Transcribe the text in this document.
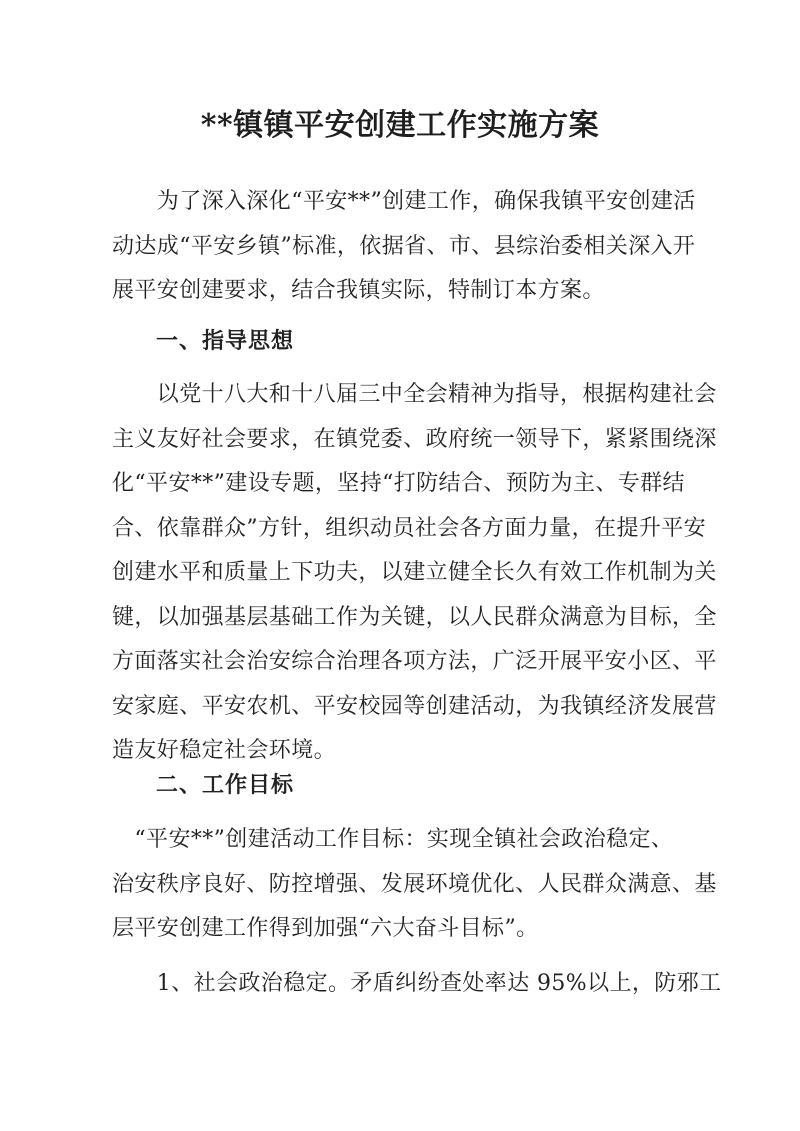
**镇镇平安创建工作实施方案
　　为了深入深化“平安**”创建工作，确保我镇平安创建活
动达成“平安乡镇”标准，依据省、市、县综治委相关深入开
展平安创建要求，结合我镇实际，特制订本方案。
一、指导思想
　　以党十八大和十八届三中全会精神为指导，根据构建社会
主义友好社会要求，在镇党委、政府统一领导下，紧紧围绕深
化“平安**”建设专题，坚持“打防结合、预防为主、专群结
合、依靠群众”方针，组织动员社会各方面力量，在提升平安
创建水平和质量上下功夫，以建立健全长久有效工作机制为关
键，以加强基层基础工作为关键，以人民群众满意为目标，全
方面落实社会治安综合治理各项方法，广泛开展平安小区、平
安家庭、平安农机、平安校园等创建活动，为我镇经济发展营
造友好稳定社会环境。
二、工作目标
　“平安**”创建活动工作目标：实现全镇社会政治稳定、
治安秩序良好、防控增强、发展环境优化、人民群众满意、基
层平安创建工作得到加强“六大奋斗目标”。
　　1、社会政治稳定。矛盾纠纷查处率达 95%以上，防邪工
